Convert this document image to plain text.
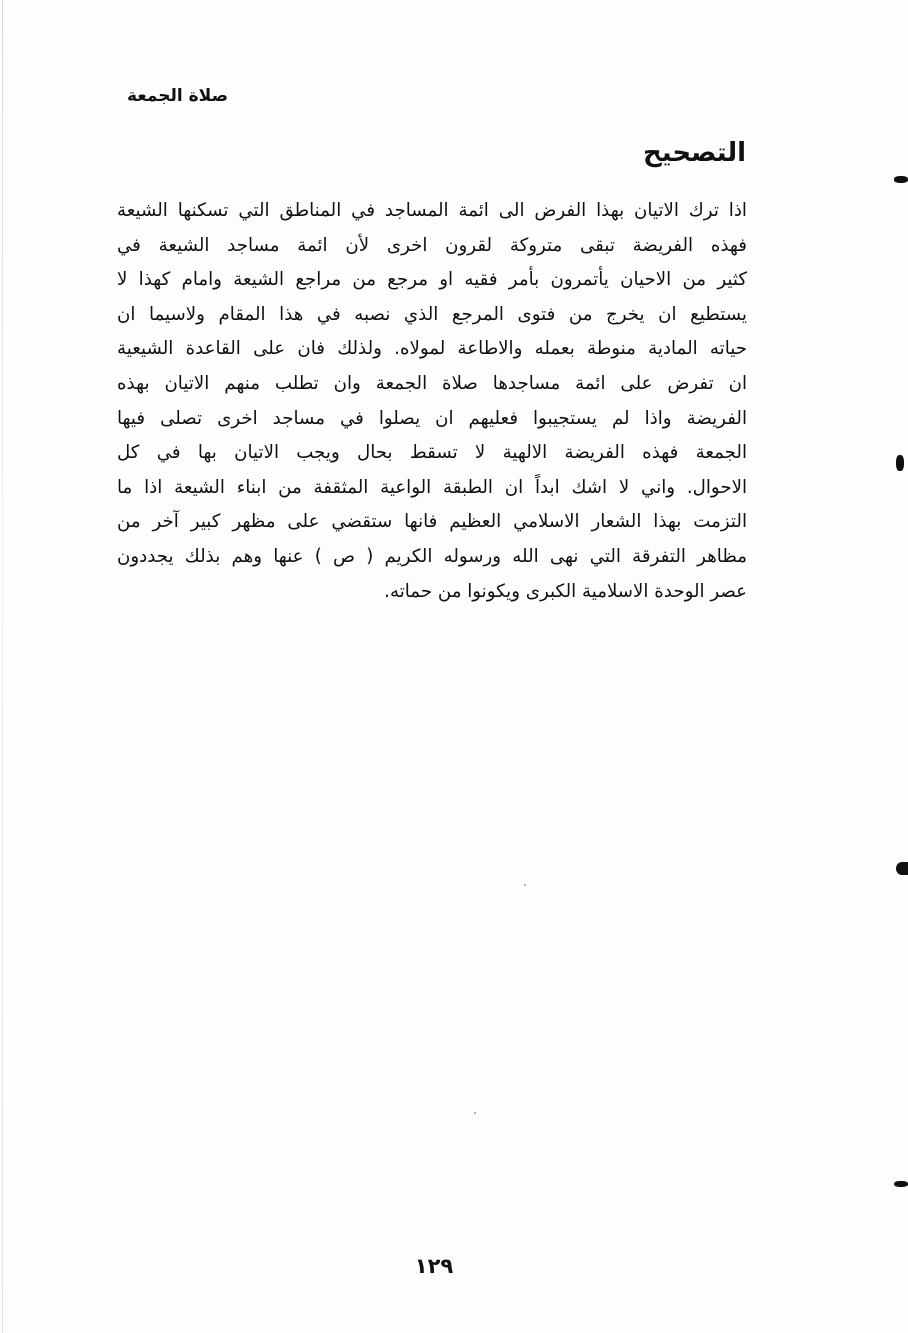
صلاة الجمعة
التصحيح
اذا ترك الاتيان بهذا الفرض الى ائمة المساجد في المناطق التي تسكنها الشيعة
فهذه الفريضة تبقى متروكة لقرون اخرى لأن ائمة مساجد الشيعة في
كثير من الاحيان يأتمرون بأمر فقيه او مرجع من مراجع الشيعة وامام كهذا لا
يستطيع ان يخرج من فتوى المرجع الذي نصبه في هذا المقام ولاسيما ان
حياته المادية منوطة بعمله والاطاعة لمولاه. ولذلك فان على القاعدة الشيعية
ان تفرض على ائمة مساجدها صلاة الجمعة وان تطلب منهم الاتيان بهذه
الفريضة واذا لم يستجيبوا فعليهم ان يصلوا في مساجد اخرى تصلى فيها
الجمعة فهذه الفريضة الالهية لا تسقط بحال ويجب الاتيان بها في كل
الاحوال. واني لا اشك ابداً ان الطبقة الواعية المثقفة من ابناء الشيعة اذا ما
التزمت بهذا الشعار الاسلامي العظيم فانها ستقضي على مظهر كبير آخر من
مظاهر التفرقة التي نهى الله ورسوله الكريم ( ص ) عنها وهم بذلك يجددون
عصر الوحدة الاسلامية الكبرى ويكونوا من حماته.
١٢٩
